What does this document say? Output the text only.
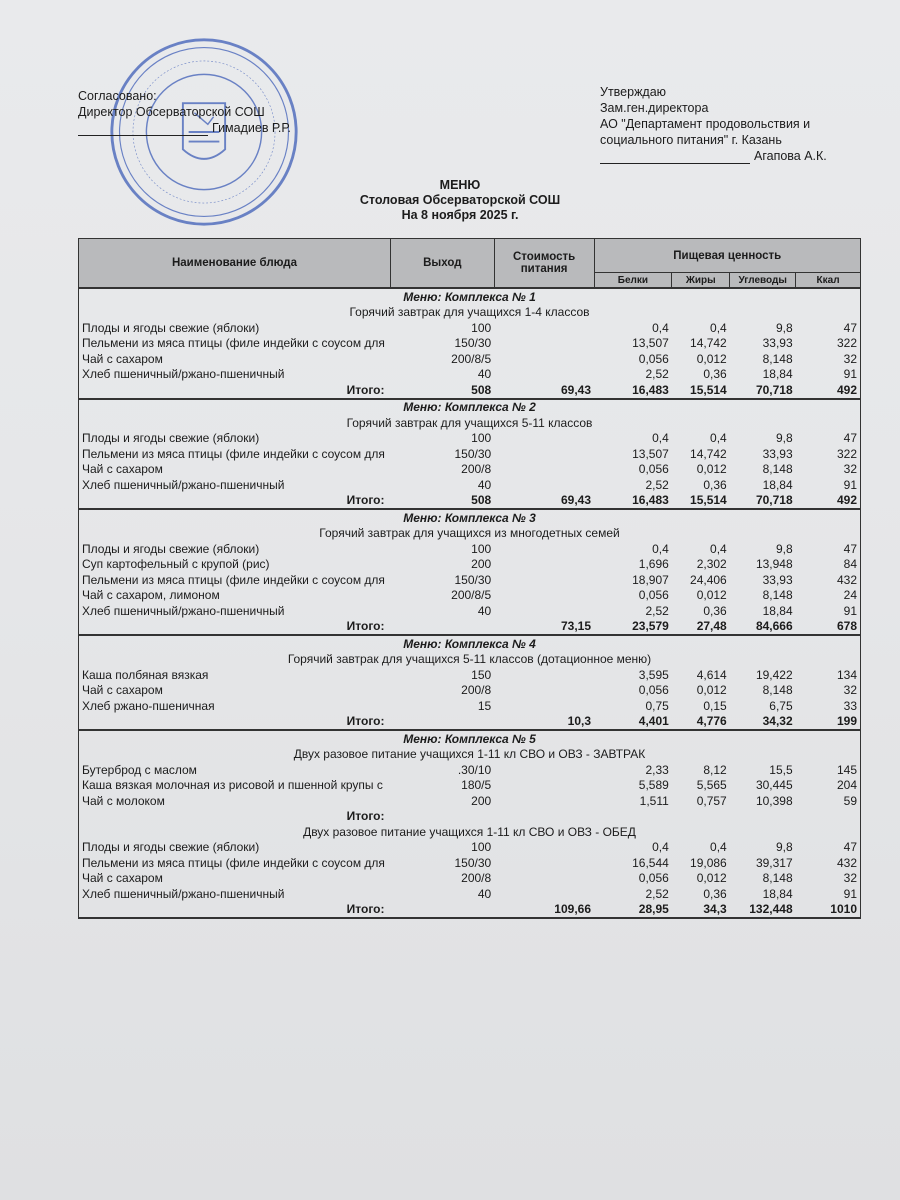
Согласовано:
Директор Обсерваторской СОШ
Гимадиев Р.Р.
Утверждаю
Зам.ген.директора
АО "Департамент продовольствия и
социального питания" г. Казань
Агапова А.К.
МЕНЮ
Столовая Обсерваторской СОШ
На 8 ноября 2025 г.
Наименование блюда	Выход	Стоимость питания	Пищевая ценность			
			Белки	Жиры	Углеводы	Ккал
Меню: Комплекса № 1						
Горячий завтрак для учащихся 1-4 классов						
Плоды и ягоды свежие (яблоки)	100		0,4	0,4	9,8	47
Пельмени из мяса птицы (филе индейки с соусом для	150/30		13,507	14,742	33,93	322
Чай с сахаром	200/8/5		0,056	0,012	8,148	32
Хлеб пшеничный/ржано-пшеничный	40		2,52	0,36	18,84	91
Итого:	508	69,43	16,483	15,514	70,718	492
Меню: Комплекса № 2						
Горячий завтрак для учащихся 5-11 классов						
Плоды и ягоды свежие (яблоки)	100		0,4	0,4	9,8	47
Пельмени из мяса птицы (филе индейки с соусом для	150/30		13,507	14,742	33,93	322
Чай с сахаром	200/8		0,056	0,012	8,148	32
Хлеб пшеничный/ржано-пшеничный	40		2,52	0,36	18,84	91
Итого:	508	69,43	16,483	15,514	70,718	492
Меню: Комплекса № 3						
Горячий завтрак для учащихся из многодетных семей						
Плоды и ягоды свежие (яблоки)	100		0,4	0,4	9,8	47
Суп картофельный с крупой (рис)	200		1,696	2,302	13,948	84
Пельмени из мяса птицы (филе индейки с соусом для	150/30		18,907	24,406	33,93	432
Чай с сахаром, лимоном	200/8/5		0,056	0,012	8,148	24
Хлеб пшеничный/ржано-пшеничный	40		2,52	0,36	18,84	91
Итого:		73,15	23,579	27,48	84,666	678
Меню: Комплекса № 4						
Горячий завтрак для учащихся 5-11 классов (дотационное меню)						
Каша полбяная вязкая	150		3,595	4,614	19,422	134
Чай с сахаром	200/8		0,056	0,012	8,148	32
Хлеб ржано-пшеничная	15		0,75	0,15	6,75	33
Итого:		10,3	4,401	4,776	34,32	199
Меню: Комплекса № 5						
Двух разовое питание учащихся 1-11 кл СВО и ОВЗ - ЗАВТРАК						
Бутерброд с маслом	.30/10		2,33	8,12	15,5	145
Каша вязкая молочная из рисовой и пшенной крупы с	180/5		5,589	5,565	30,445	204
Чай с молоком	200		1,511	0,757	10,398	59
Итого:						
Двух разовое питание учащихся 1-11 кл СВО и ОВЗ - ОБЕД						
Плоды и ягоды свежие (яблоки)	100		0,4	0,4	9,8	47
Пельмени из мяса птицы (филе индейки с соусом для	150/30		16,544	19,086	39,317	432
Чай с сахаром	200/8		0,056	0,012	8,148	32
Хлеб пшеничный/ржано-пшеничный	40		2,52	0,36	18,84	91
Итого:		109,66	28,95	34,3	132,448	1010
